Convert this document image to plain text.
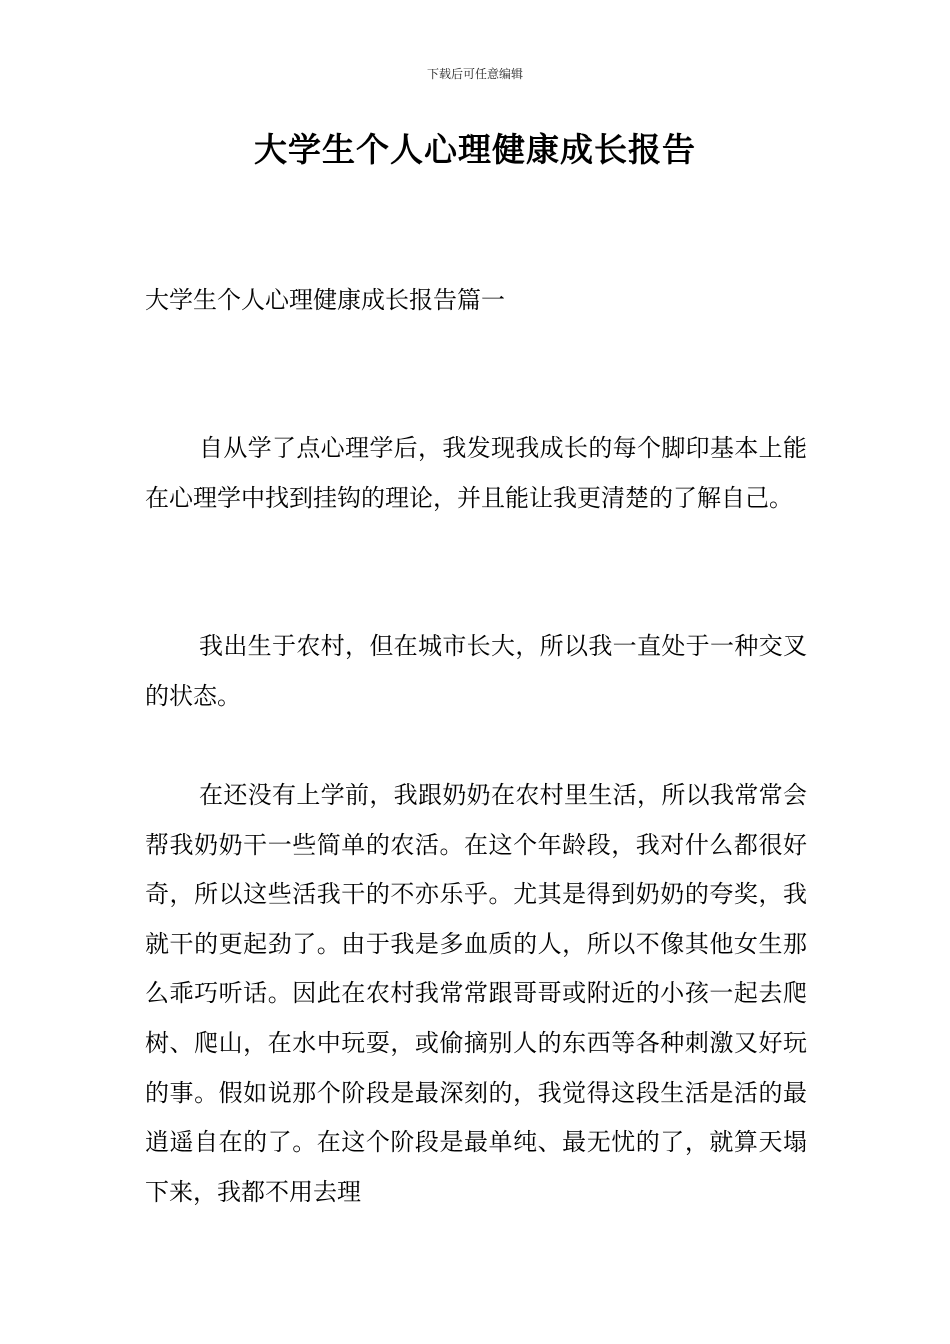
下载后可任意编辑
大学生个人心理健康成长报告
大学生个人心理健康成长报告篇一

自从学了点心理学后，我发现我成长的每个脚印基本上能在心理学中找到挂钩的理论，并且能让我更清楚的了解自己。

我出生于农村，但在城市长大，所以我一直处于一种交叉的状态。

在还没有上学前，我跟奶奶在农村里生活，所以我常常会帮我奶奶干一些简单的农活。在这个年龄段，我对什么都很好奇，所以这些活我干的不亦乐乎。尤其是得到奶奶的夸奖，我就干的更起劲了。由于我是多血质的人，所以不像其他女生那么乖巧听话。因此在农村我常常跟哥哥或附近的小孩一起去爬树、爬山，在水中玩耍，或偷摘别人的东西等各种刺激又好玩的事。假如说那个阶段是最深刻的，我觉得这段生活是活的最逍遥自在的了。在这个阶段是最单纯、最无忧的了，就算天塌下来，我都不用去理
